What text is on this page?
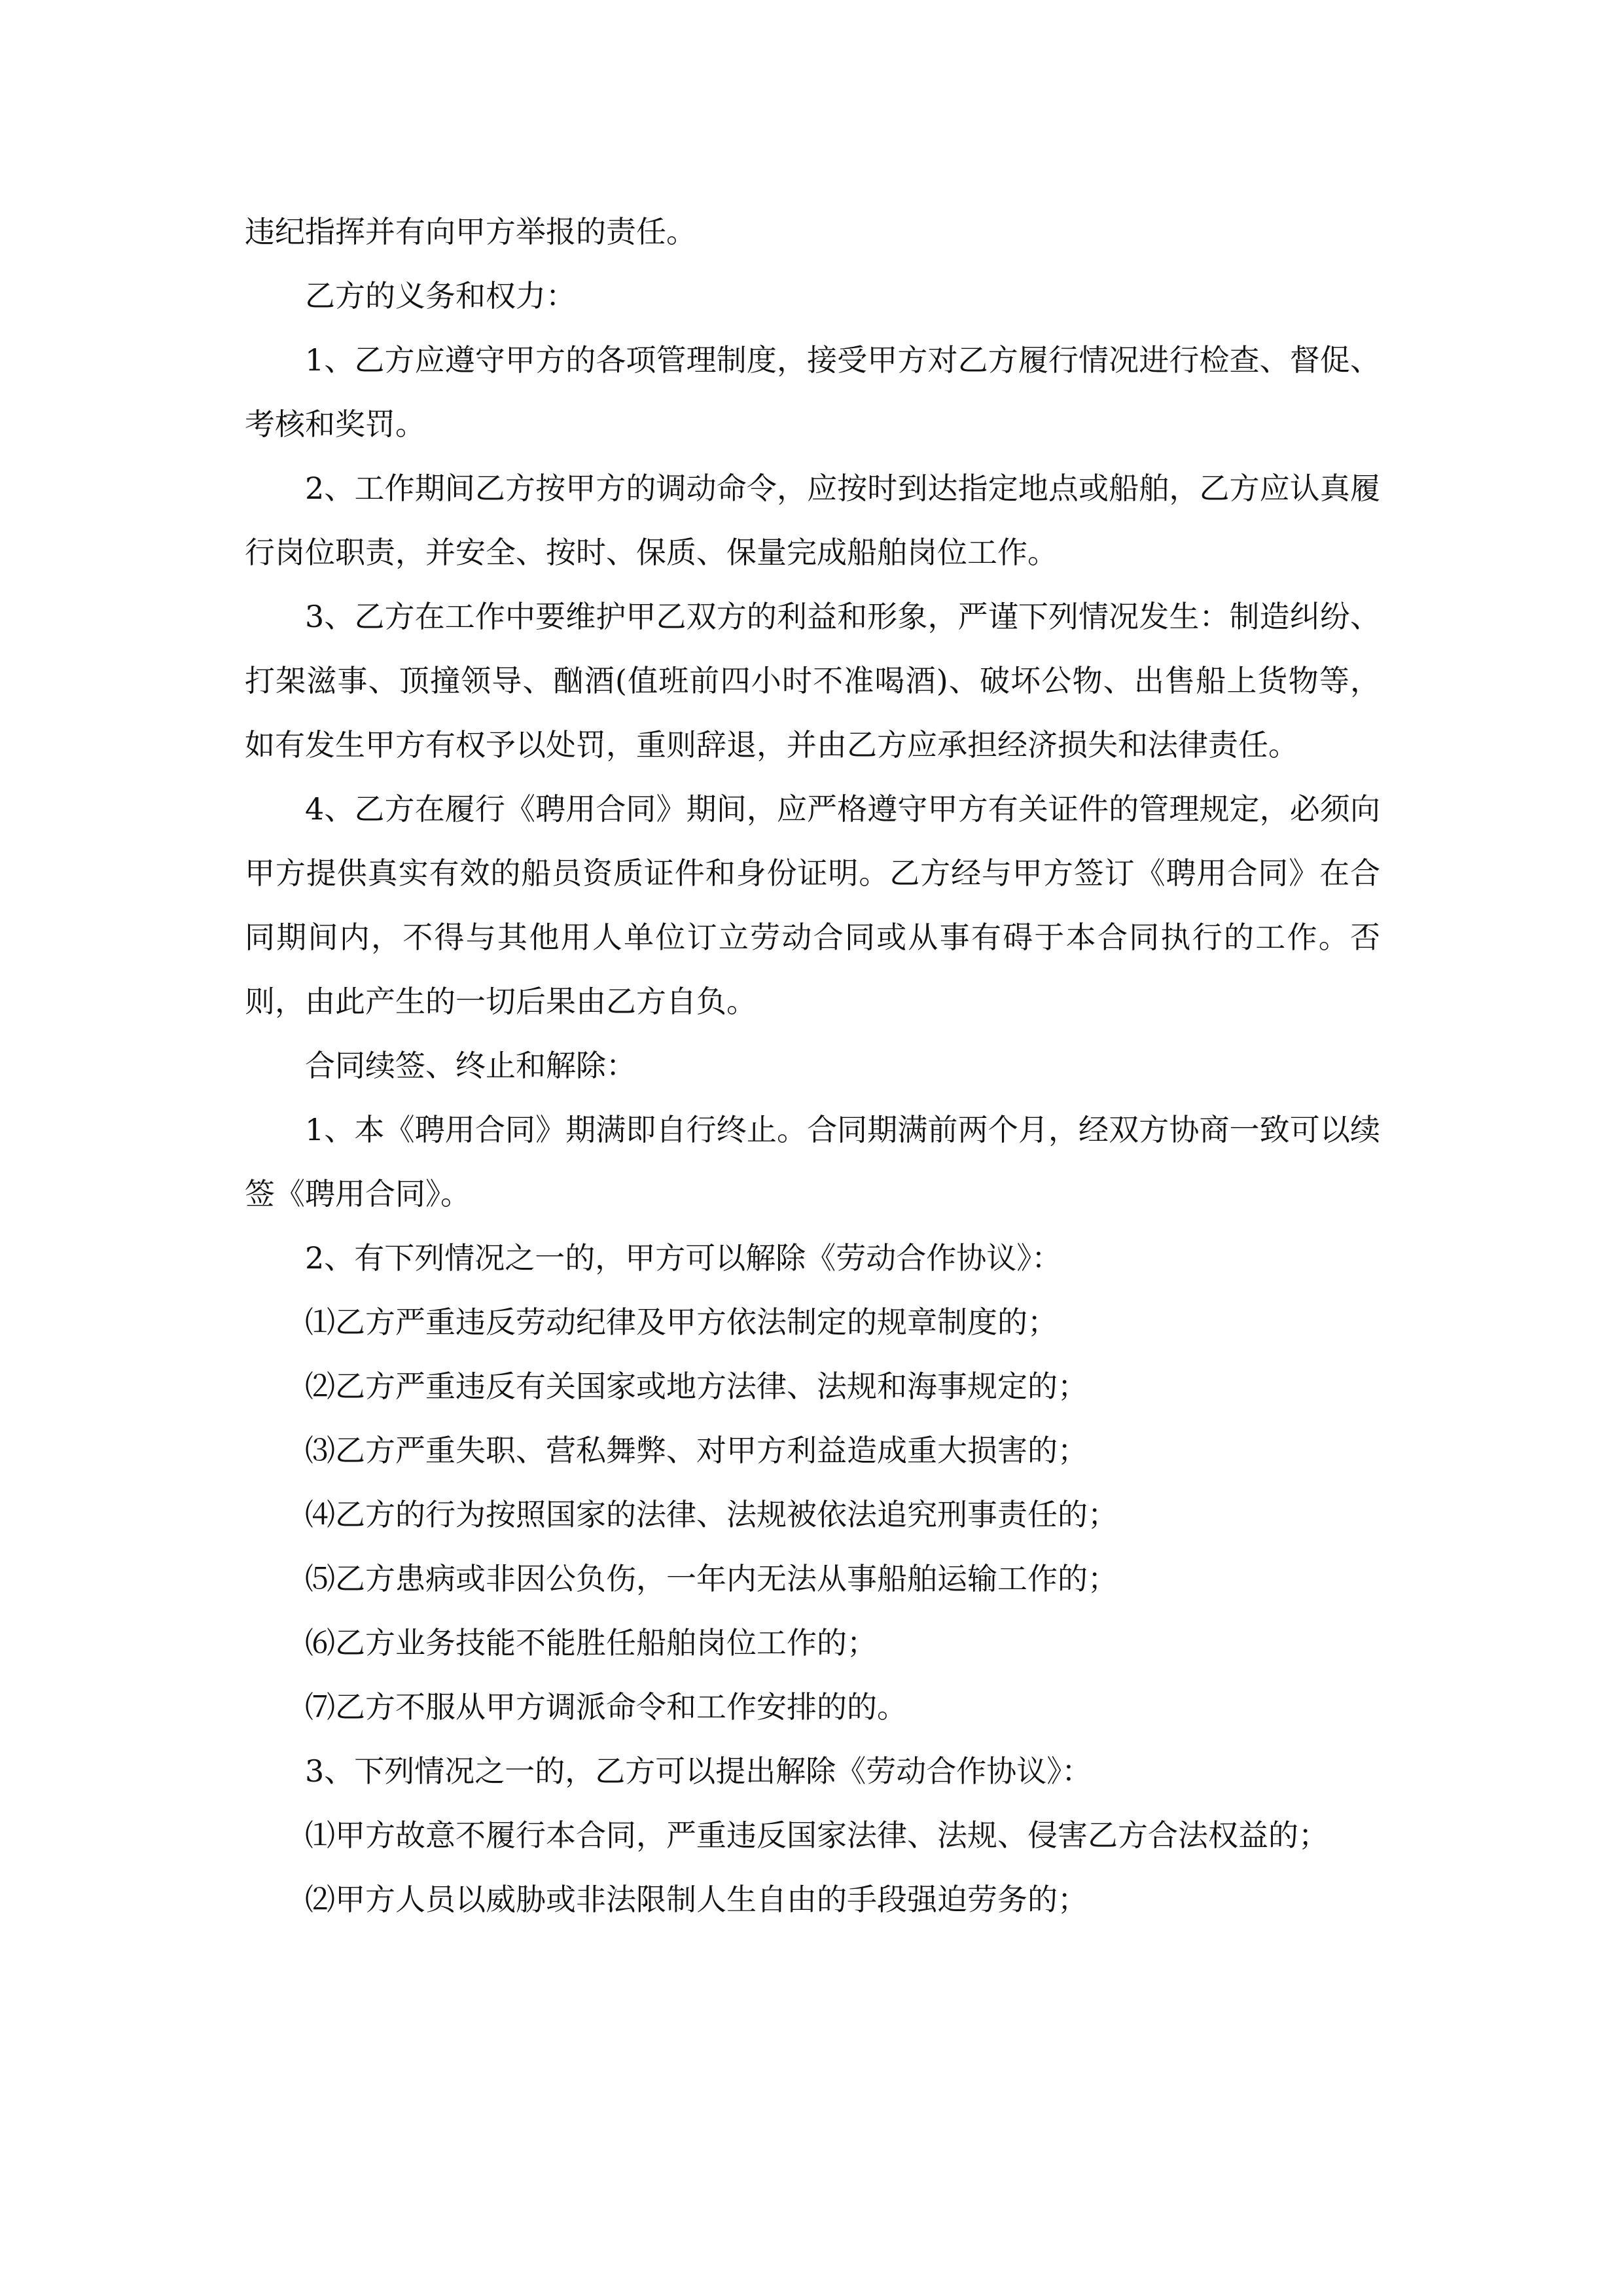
违纪指挥并有向甲方举报的责任。

乙方的义务和权力：

1、乙方应遵守甲方的各项管理制度，接受甲方对乙方履行情况进行检查、督促、考核和奖罚。

2、工作期间乙方按甲方的调动命令，应按时到达指定地点或船舶，乙方应认真履行岗位职责，并安全、按时、保质、保量完成船舶岗位工作。

3、乙方在工作中要维护甲乙双方的利益和形象，严谨下列情况发生：制造纠纷、打架滋事、顶撞领导、酗酒(值班前四小时不准喝酒)、破坏公物、出售船上货物等，如有发生甲方有权予以处罚，重则辞退，并由乙方应承担经济损失和法律责任。

4、乙方在履行《聘用合同》期间，应严格遵守甲方有关证件的管理规定，必须向甲方提供真实有效的船员资质证件和身份证明。乙方经与甲方签订《聘用合同》在合同期间内，不得与其他用人单位订立劳动合同或从事有碍于本合同执行的工作。否则，由此产生的一切后果由乙方自负。

合同续签、终止和解除：

1、本《聘用合同》期满即自行终止。合同期满前两个月，经双方协商一致可以续签《聘用合同》。

2、有下列情况之一的，甲方可以解除《劳动合作协议》：

⑴乙方严重违反劳动纪律及甲方依法制定的规章制度的；

⑵乙方严重违反有关国家或地方法律、法规和海事规定的；

⑶乙方严重失职、营私舞弊、对甲方利益造成重大损害的；

⑷乙方的行为按照国家的法律、法规被依法追究刑事责任的；

⑸乙方患病或非因公负伤，一年内无法从事船舶运输工作的；

⑹乙方业务技能不能胜任船舶岗位工作的；

⑺乙方不服从甲方调派命令和工作安排的的。

3、下列情况之一的，乙方可以提出解除《劳动合作协议》：

⑴甲方故意不履行本合同，严重违反国家法律、法规、侵害乙方合法权益的；

⑵甲方人员以威胁或非法限制人生自由的手段强迫劳务的；
